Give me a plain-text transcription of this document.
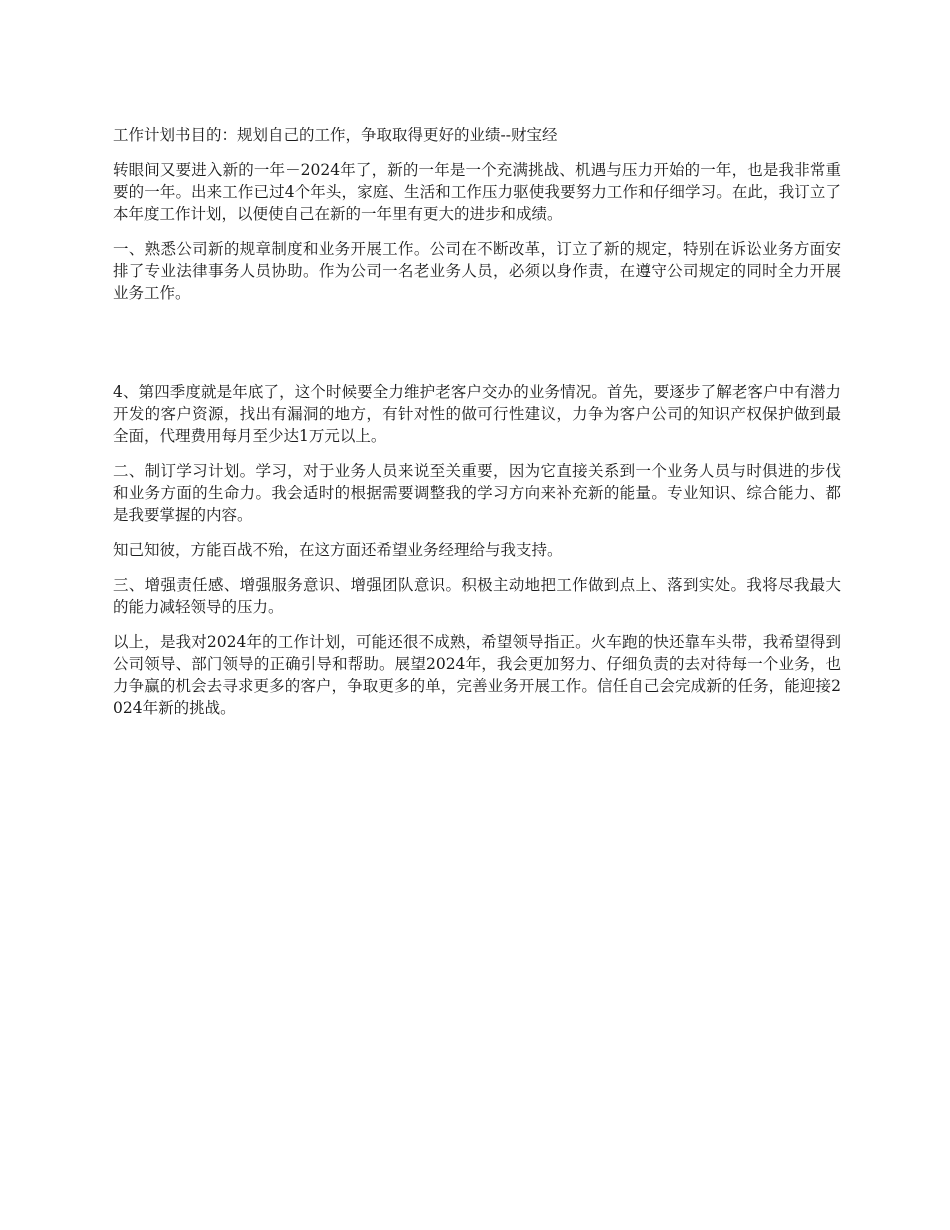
工作计划书目的：规划自己的工作，争取取得更好的业绩--财宝经

转眼间又要进入新的一年－2024年了，新的一年是一个充满挑战、机遇与压力开始的一年，也是我非常重要的一年。出来工作已过4个年头，家庭、生活和工作压力驱使我要努力工作和仔细学习。在此，我订立了本年度工作计划，以便使自己在新的一年里有更大的进步和成绩。

一、熟悉公司新的规章制度和业务开展工作。公司在不断改革，订立了新的规定，特别在诉讼业务方面安排了专业法律事务人员协助。作为公司一名老业务人员，必须以身作责，在遵守公司规定的同时全力开展业务工作。

4、第四季度就是年底了，这个时候要全力维护老客户交办的业务情况。首先，要逐步了解老客户中有潜力开发的客户资源，找出有漏洞的地方，有针对性的做可行性建议，力争为客户公司的知识产权保护做到最全面，代理费用每月至少达1万元以上。

二、制订学习计划。学习，对于业务人员来说至关重要，因为它直接关系到一个业务人员与时俱进的步伐和业务方面的生命力。我会适时的根据需要调整我的学习方向来补充新的能量。专业知识、综合能力、都是我要掌握的内容。

知己知彼，方能百战不殆，在这方面还希望业务经理给与我支持。

三、增强责任感、增强服务意识、增强团队意识。积极主动地把工作做到点上、落到实处。我将尽我最大的能力减轻领导的压力。

以上，是我对2024年的工作计划，可能还很不成熟，希望领导指正。火车跑的快还靠车头带，我希望得到公司领导、部门领导的正确引导和帮助。展望2024年，我会更加努力、仔细负责的去对待每一个业务，也力争赢的机会去寻求更多的客户，争取更多的单，完善业务开展工作。信任自己会完成新的任务，能迎接2024年新的挑战。
